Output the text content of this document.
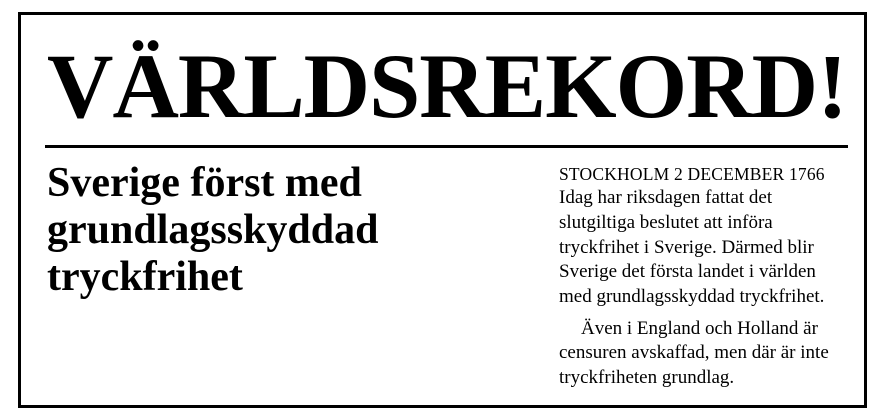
VÄRLDSREKORD!
Sverige först med
grundlagsskyddad
tryckfrihet

STOCKHOLM 2 DECEMBER 1766

Idag har riksdagen fattat det slutgiltiga beslutet att införa tryckfrihet i Sverige. Därmed blir Sverige det första landet i världen med grundlagsskyddad tryckfrihet.

Även i England och Holland är censuren avskaffad, men där är inte tryckfriheten grundlag.
